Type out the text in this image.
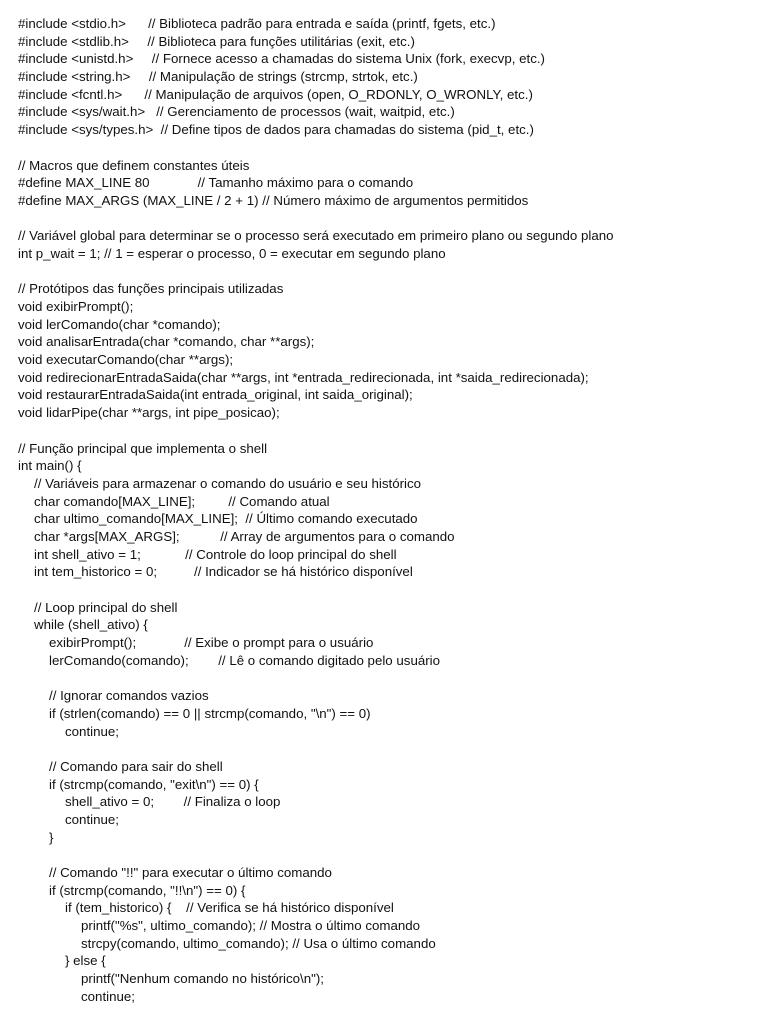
#include <stdio.h>      // Biblioteca padrão para entrada e saída (printf, fgets, etc.)
#include <stdlib.h>     // Biblioteca para funções utilitárias (exit, etc.)
#include <unistd.h>     // Fornece acesso a chamadas do sistema Unix (fork, execvp, etc.)
#include <string.h>     // Manipulação de strings (strcmp, strtok, etc.)
#include <fcntl.h>      // Manipulação de arquivos (open, O_RDONLY, O_WRONLY, etc.)
#include <sys/wait.h>   // Gerenciamento de processos (wait, waitpid, etc.)
#include <sys/types.h>  // Define tipos de dados para chamadas do sistema (pid_t, etc.)
// Macros que definem constantes úteis
#define MAX_LINE 80             // Tamanho máximo para o comando
#define MAX_ARGS (MAX_LINE / 2 + 1) // Número máximo de argumentos permitidos
// Variável global para determinar se o processo será executado em primeiro plano ou segundo plano
int p_wait = 1; // 1 = esperar o processo, 0 = executar em segundo plano
// Protótipos das funções principais utilizadas
void exibirPrompt();
void lerComando(char *comando);
void analisarEntrada(char *comando, char **args);
void executarComando(char **args);
void redirecionarEntradaSaida(char **args, int *entrada_redirecionada, int *saida_redirecionada);
void restaurarEntradaSaida(int entrada_original, int saida_original);
void lidarPipe(char **args, int pipe_posicao);
// Função principal que implementa o shell
int main() {
// Variáveis para armazenar o comando do usuário e seu histórico
char comando[MAX_LINE];         // Comando atual
char ultimo_comando[MAX_LINE];  // Último comando executado
char *args[MAX_ARGS];           // Array de argumentos para o comando
int shell_ativo = 1;            // Controle do loop principal do shell
int tem_historico = 0;          // Indicador se há histórico disponível
// Loop principal do shell
while (shell_ativo) {
exibirPrompt();             // Exibe o prompt para o usuário
lerComando(comando);        // Lê o comando digitado pelo usuário
// Ignorar comandos vazios
if (strlen(comando) == 0 || strcmp(comando, "\n") == 0)
continue;
// Comando para sair do shell
if (strcmp(comando, "exit\n") == 0) {
shell_ativo = 0;        // Finaliza o loop
continue;
}
// Comando "!!" para executar o último comando
if (strcmp(comando, "!!\n") == 0) {
if (tem_historico) {    // Verifica se há histórico disponível
printf("%s", ultimo_comando); // Mostra o último comando
strcpy(comando, ultimo_comando); // Usa o último comando
} else {
printf("Nenhum comando no histórico\n");
continue;
